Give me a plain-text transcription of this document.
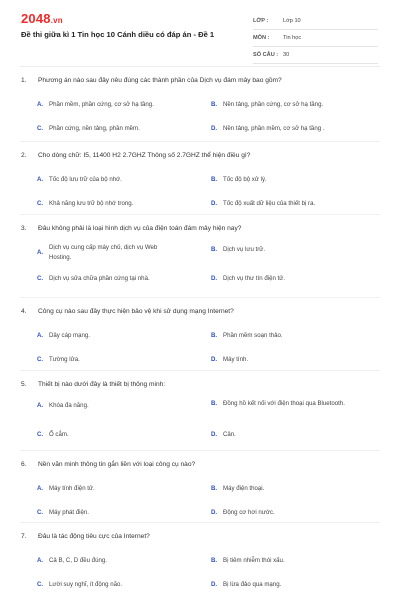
2048.vn
Đề thi giữa kì 1 Tin học 10 Cánh diều có đáp án - Đề 1
LỚP :	Lớp 10
MÔN :	Tin học
SỐ CÂU : 30
1. Phương án nào sau đây nêu đúng các thành phần của Dịch vụ đám mây bao gồm?
A. Phần mềm, phần cứng, cơ sở hạ tầng.	B. Nền tảng, phần cứng, cơ sở hạ tầng.
C. Phần cứng, nền tảng, phần mềm.	D. Nền tảng, phần mềm, cơ sở hạ tầng .
2. Cho dòng chữ: I5, 11400 H2 2.7GHZ Thông số 2.7GHZ thể hiện điều gì?
A. Tốc độ lưu trữ của bộ nhớ.	B. Tốc độ bộ xử lý.
C. Khả năng lưu trữ bộ nhớ trong.	D. Tốc độ xuất dữ liệu của thiết bị ra.
3. Đâu không phải là loại hình dịch vụ của điện toán đám mây hiện nay?
A.
Dịch vụ cung cấp máy chủ, dịch vụ Web Hosting.
B. Dịch vụ lưu trữ.
C. Dịch vụ sửa chữa phần cứng tại nhà.	D. Dịch vụ thư tín điện tử.
4. Công cụ nào sau đây thực hiện bảo vệ khi sử dụng mạng Internet?
A. Dây cáp mạng.	B. Phần mềm soạn thảo.
C. Tường lửa.	D. Máy tính.
5. Thiết bị nào dưới đây là thiết bị thông minh:
A. Khóa đa năng.	B. Đồng hồ kết nối với điện thoại qua Bluetooth.
C. Ổ cắm.	D. Cân.
6. Nền văn minh thông tin gắn liền với loại công cụ nào?
A. Máy tính điện tử.	B. Máy điện thoại.
C. Máy phát điện.	D. Động cơ hơi nước.
7. Đâu là tác động tiêu cực của Internet?
A. Cả B, C, D đều đúng.	B. Bị tiêm nhiễm thói xấu.
C. Lười suy nghĩ, ít động não.	D. Bị lừa đảo qua mạng.
